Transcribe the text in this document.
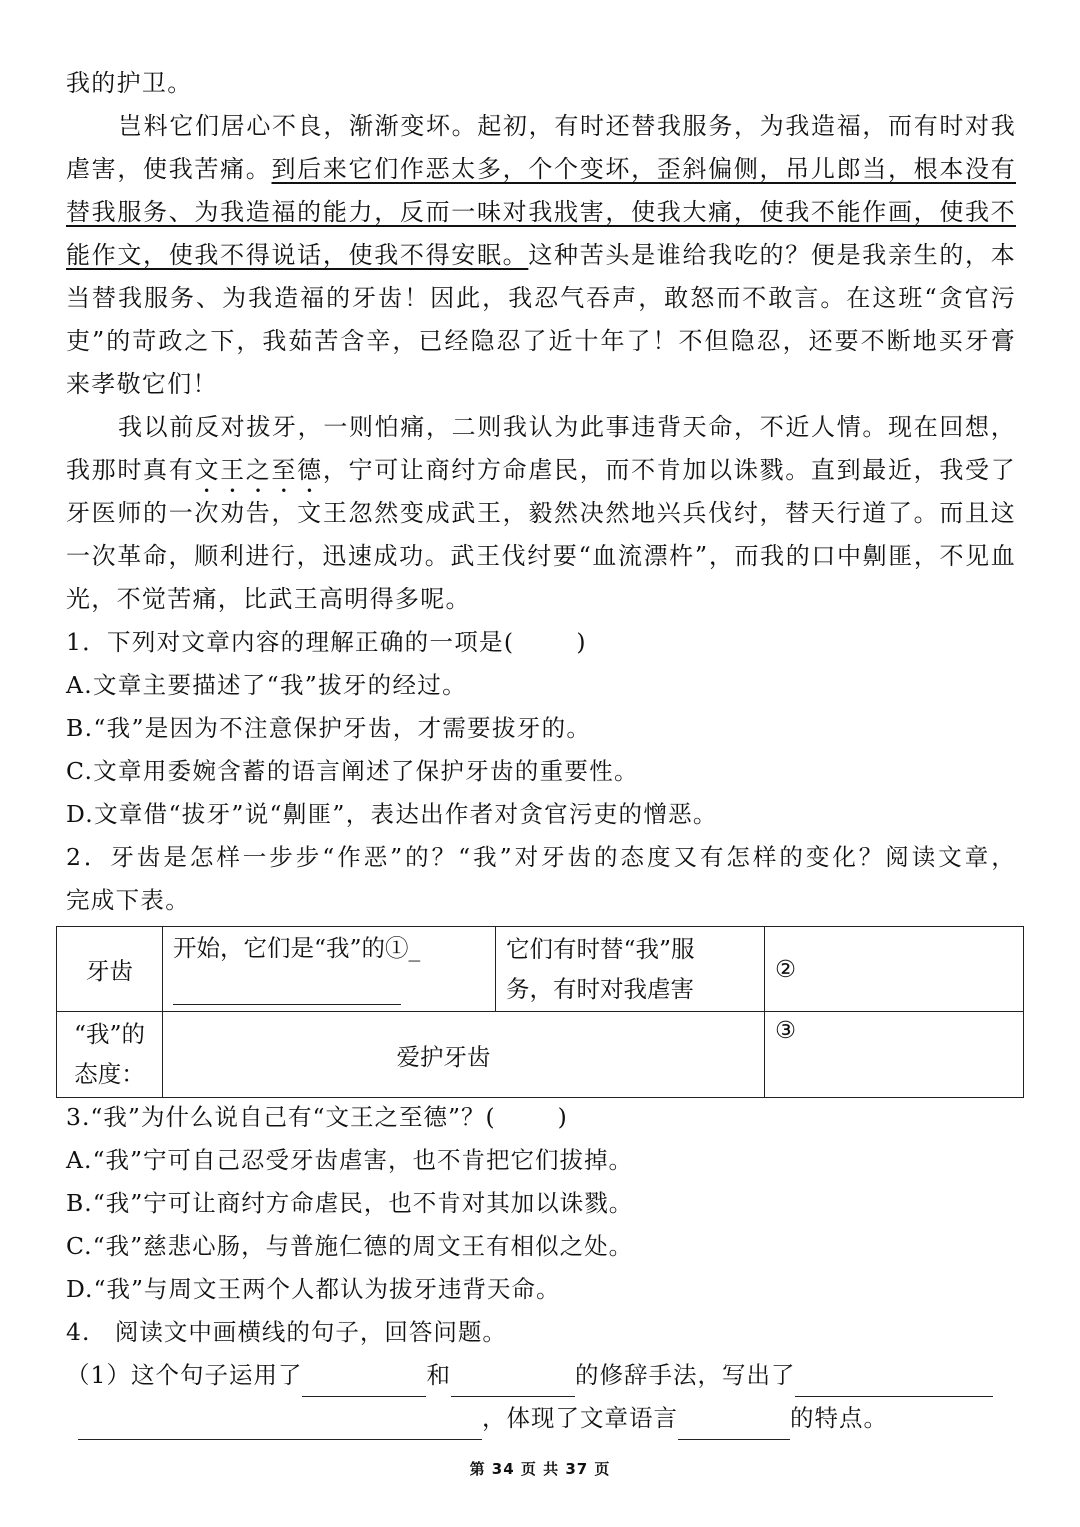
我的护卫。
岂料它们居心不良，渐渐变坏。起初，有时还替我服务，为我造福，而有时对我
虐害，使我苦痛。到后来它们作恶太多，个个变坏，歪斜偏侧，吊儿郎当，根本没有
替我服务、为我造福的能力，反而一味对我戕害，使我大痛，使我不能作画，使我不
能作文，使我不得说话，使我不得安眠。这种苦头是谁给我吃的？便是我亲生的，本
当替我服务、为我造福的牙齿！因此，我忍气吞声，敢怒而不敢言。在这班“贪官污
吏”的苛政之下，我茹苦含辛，已经隐忍了近十年了！不但隐忍，还要不断地买牙膏
来孝敬它们！
我以前反对拔牙，一则怕痛，二则我认为此事违背天命，不近人情。现在回想，
我那时真有文王之至德，宁可让商纣方命虐民，而不肯加以诛戮。直到最近，我受了
牙医师的一次劝告，文王忽然变成武王，毅然决然地兴兵伐纣，替天行道了。而且这
一次革命，顺利进行，迅速成功。武王伐纣要“血流漂杵”，而我的口中劓匪，不见血
光，不觉苦痛，比武王高明得多呢。
1．下列对文章内容的理解正确的一项是(	)
A.文章主要描述了“我”拔牙的经过。
B.“我”是因为不注意保护牙齿，才需要拔牙的。
C.文章用委婉含蓄的语言阐述了保护牙齿的重要性。
D.文章借“拔牙”说“劓匪”，表达出作者对贪官污吏的憎恶。
2．牙齿是怎样一步步“作恶”的？“我”对牙齿的态度又有怎样的变化？阅读文章，
完成下表。
牙齿	开始，它们是“我”的①_	它们有时替“我”服
务，有时对我虐害	②

“我”的
态度：	爱护牙齿		③
3.“我”为什么说自己有“文王之至德”？(	)
A.“我”宁可自己忍受牙齿虐害，也不肯把它们拔掉。
B.“我”宁可让商纣方命虐民，也不肯对其加以诛戮。
C.“我”慈悲心肠，与普施仁德的周文王有相似之处。
D.“我”与周文王两个人都认为拔牙违背天命。
4.　阅读文中画横线的句子，回答问题。
（1）这个句子运用了	和	的修辞手法，写出了
，体现了文章语言	的特点。
第 34 页 共 37 页
